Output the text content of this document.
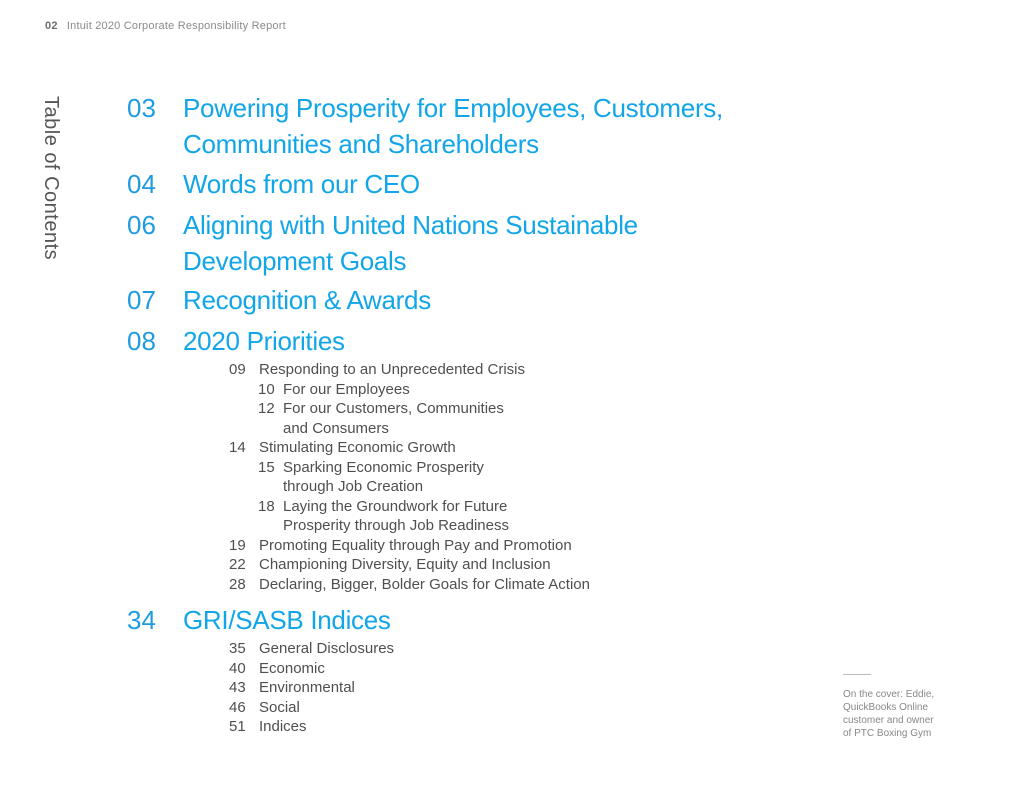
02 Intuit 2020 Corporate Responsibility Report
Table of Contents	03	Powering Prosperity for Employees, Customers,
Communities and Shareholders
04	Words from our CEO
06	Aligning with United Nations Sustainable
Development Goals
07	Recognition & Awards
08	2020 Priorities
09 Responding to an Unprecedented Crisis
10 For our Employees
12 For our Customers, Communities
and Consumers
14 Stimulating Economic Growth
15 Sparking Economic Prosperity
through Job Creation
18 Laying the Groundwork for Future
Prosperity through Job Readiness
19 Promoting Equality through Pay and Promotion
22 Championing Diversity, Equity and Inclusion
28 Declaring, Bigger, Bolder Goals for Climate Action
34	GRI/SASB Indices
35 General Disclosures
40 Economic
43 Environmental
46 Social
51 Indices
On the cover: Eddie,
QuickBooks Online
customer and owner
of PTC Boxing Gym
